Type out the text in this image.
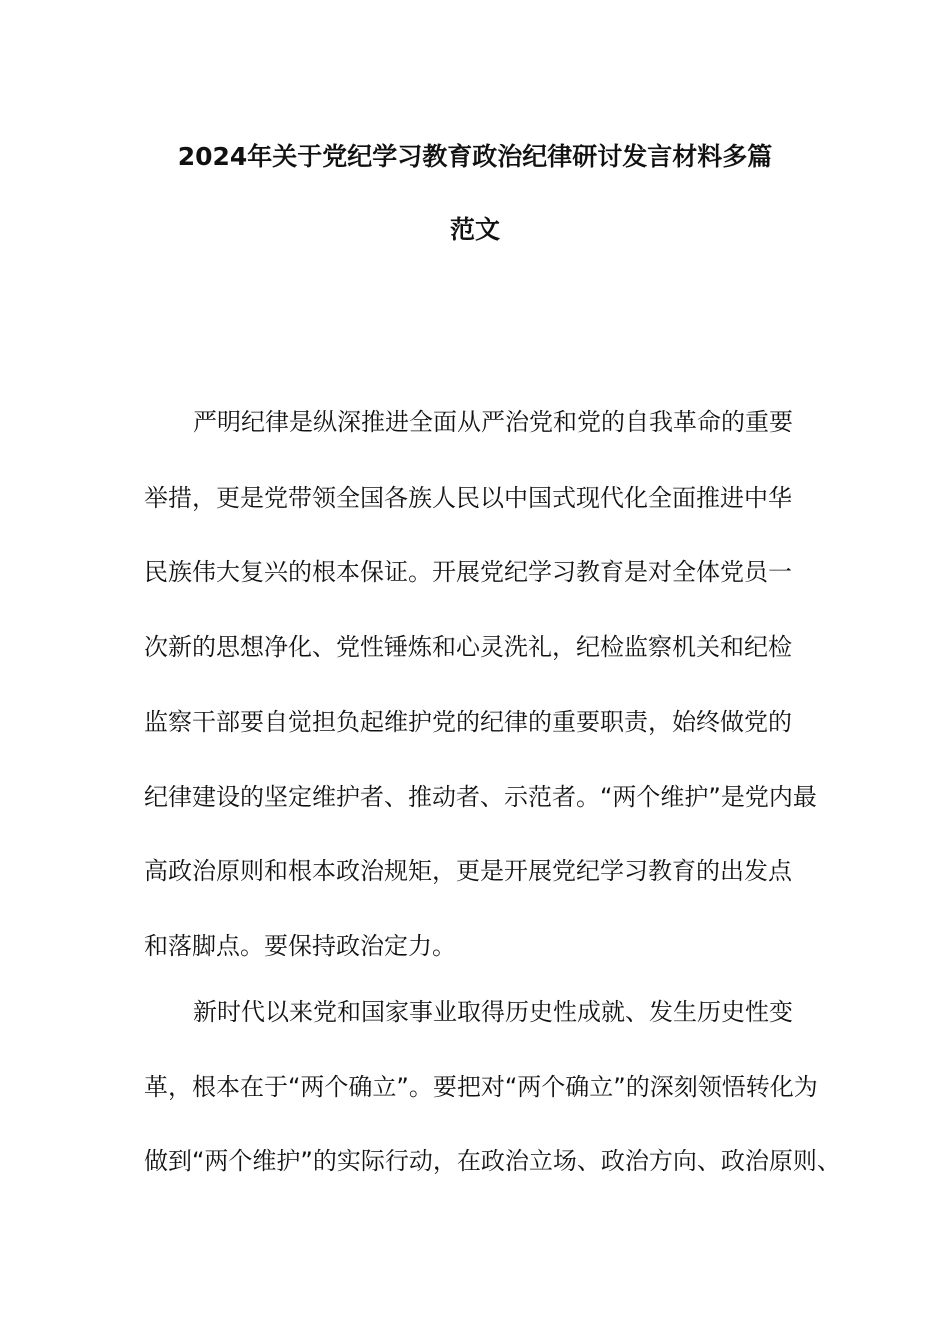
2024年关于党纪学习教育政治纪律研讨发言材料多篇
范文
严明纪律是纵深推进全面从严治党和党的自我革命的重要
举措，更是党带领全国各族人民以中国式现代化全面推进中华
民族伟大复兴的根本保证。开展党纪学习教育是对全体党员一
次新的思想净化、党性锤炼和心灵洗礼，纪检监察机关和纪检
监察干部要自觉担负起维护党的纪律的重要职责，始终做党的
纪律建设的坚定维护者、推动者、示范者。“两个维护”是党内最
高政治原则和根本政治规矩，更是开展党纪学习教育的出发点
和落脚点。要保持政治定力。
新时代以来党和国家事业取得历史性成就、发生历史性变
革，根本在于“两个确立”。要把对“两个确立”的深刻领悟转化为
做到“两个维护”的实际行动，在政治立场、政治方向、政治原则、
